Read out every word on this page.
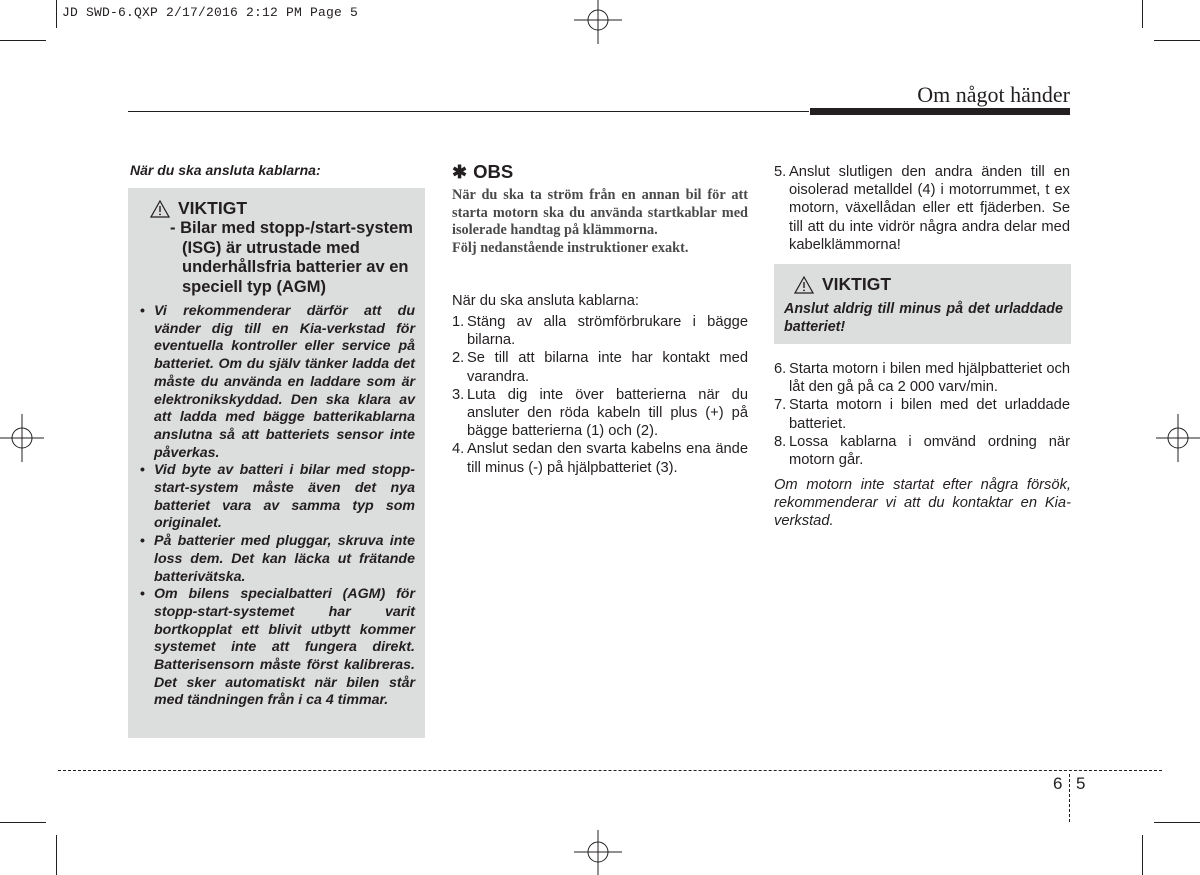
JD SWD-6.QXP 2/17/2016 2:12 PM Page 5
Om något händer
När du ska ansluta kablarna:
VIKTIGT
- Bilar med stopp-/start-system (ISG) är utrustade med underhållsfria batterier av en speciell typ (AGM)
• Vi rekommenderar därför att du vänder dig till en Kia-verkstad för eventuella kontroller eller service på batteriet. Om du själv tänker ladda det måste du använda en laddare som är elektronikskyddad. Den ska klara av att ladda med bägge batterikablarna anslutna så att batteriets sensor inte påverkas.
• Vid byte av batteri i bilar med stopp-start-system måste även det nya batteriet vara av samma typ som originalet.
• På batterier med pluggar, skruva inte loss dem. Det kan läcka ut frätande batterivätska.
• Om bilens specialbatteri (AGM) för stopp-start-systemet har varit bortkopplat ett blivit utbytt kommer systemet inte att fungera direkt. Batterisensorn måste först kalibreras. Det sker automatiskt när bilen står med tändningen från i ca 4 timmar.
✱ OBS
När du ska ta ström från en annan bil för att starta motorn ska du använda startkablar med isolerade handtag på klämmorna.
Följ nedanstående instruktioner exakt.
När du ska ansluta kablarna:
1. Stäng av alla strömförbrukare i bägge bilarna.
2. Se till att bilarna inte har kontakt med varandra.
3. Luta dig inte över batterierna när du ansluter den röda kabeln till plus (+) på bägge batterierna (1) och (2).
4. Anslut sedan den svarta kabelns ena ände till minus (-) på hjälpbatteriet (3).
5. Anslut slutligen den andra änden till en oisolerad metalldel (4) i motorrummet, t ex motorn, växellådan eller ett fjäderben. Se till att du inte vidrör några andra delar med kabelklämmorna!
VIKTIGT
Anslut aldrig till minus på det urladdade batteriet!
6. Starta motorn i bilen med hjälpbatteriet och låt den gå på ca 2 000 varv/min.
7. Starta motorn i bilen med det urladdade batteriet.
8. Lossa kablarna i omvänd ordning när motorn går.
Om motorn inte startat efter några försök, rekommenderar vi att du kontaktar en Kia-verkstad.
6 5
